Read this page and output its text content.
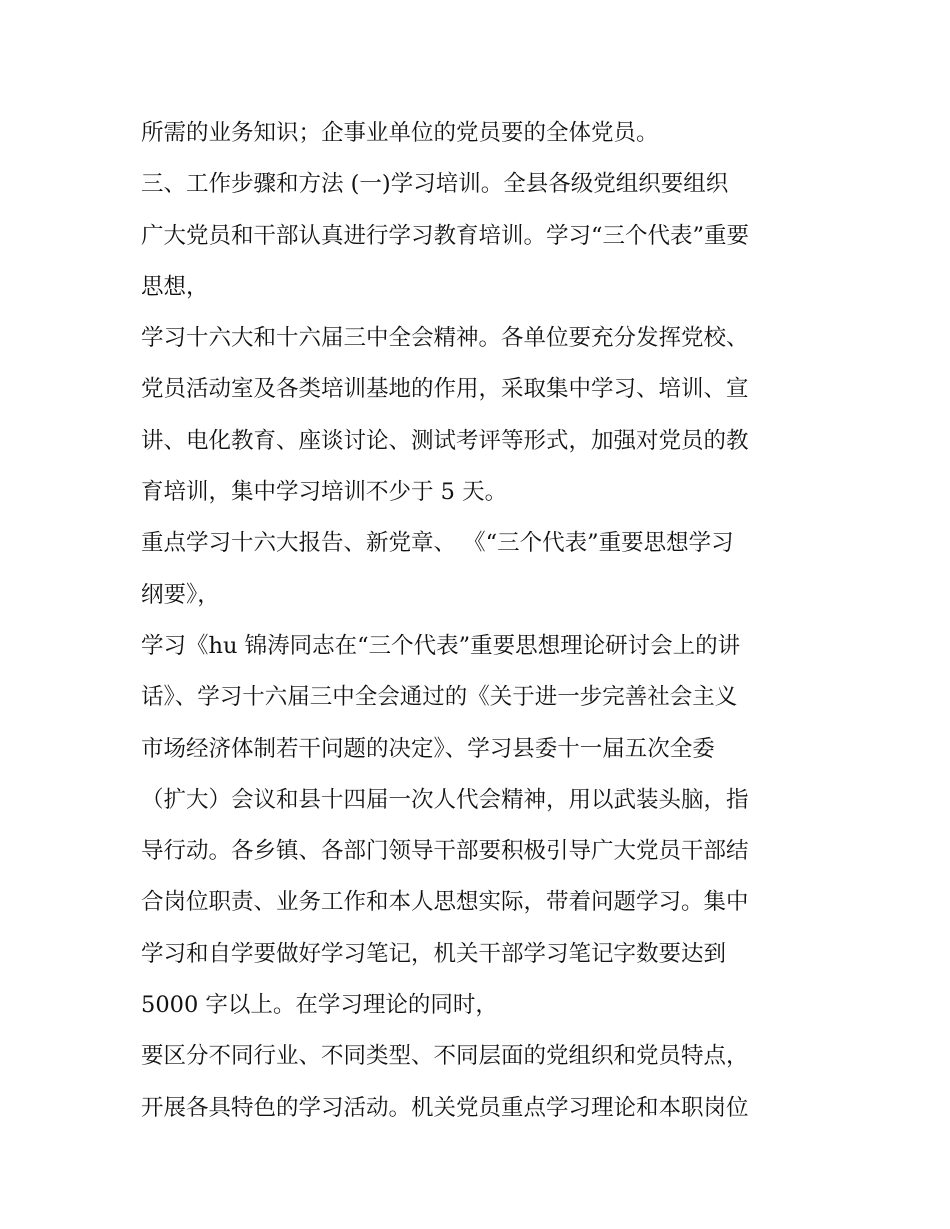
所需的业务知识；企事业单位的党员要的全体党员。
三、工作步骤和方法 (一)学习培训。全县各级党组织要组织
广大党员和干部认真进行学习教育培训。学习“三个代表”重要
思想，
学习十六大和十六届三中全会精神。各单位要充分发挥党校、
党员活动室及各类培训基地的作用，采取集中学习、培训、宣
讲、电化教育、座谈讨论、测试考评等形式，加强对党员的教
育培训，集中学习培训不少于 5 天。
重点学习十六大报告、新党章、 《“三个代表”重要思想学习
纲要》，
学习《hu 锦涛同志在“三个代表”重要思想理论研讨会上的讲
话》、学习十六届三中全会通过的《关于进一步完善社会主义
市场经济体制若干问题的决定》、学习县委十一届五次全委
（扩大）会议和县十四届一次人代会精神，用以武装头脑，指
导行动。各乡镇、各部门领导干部要积极引导广大党员干部结
合岗位职责、业务工作和本人思想实际，带着问题学习。集中
学习和自学要做好学习笔记，机关干部学习笔记字数要达到
5000 字以上。在学习理论的同时，
要区分不同行业、不同类型、不同层面的党组织和党员特点，
开展各具特色的学习活动。机关党员重点学习理论和本职岗位
